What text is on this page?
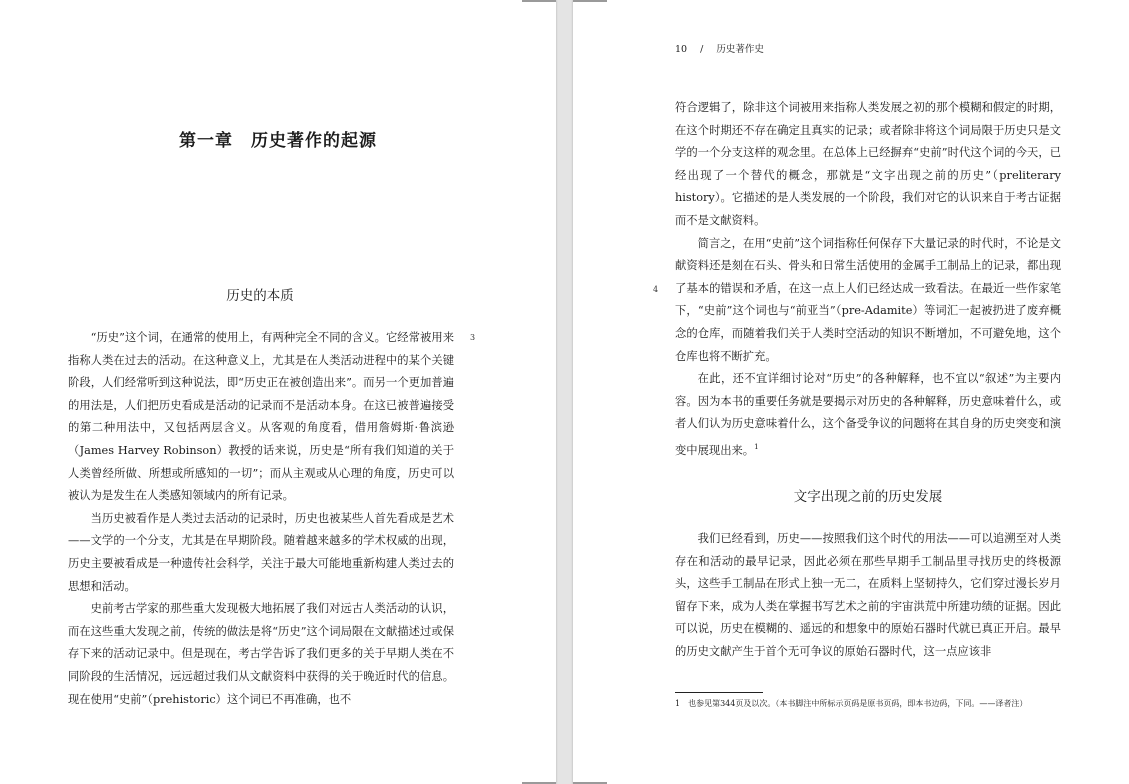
第一章　历史著作的起源
历史的本质
3

“历史”这个词，在通常的使用上，有两种完全不同的含义。它经常被用来指称人类在过去的活动。在这种意义上，尤其是在人类活动进程中的某个关键阶段，人们经常听到这种说法，即“历史正在被创造出来”。而另一个更加普遍的用法是，人们把历史看成是活动的记录而不是活动本身。在这已被普遍接受的第二种用法中，又包括两层含义。从客观的角度看，借用詹姆斯·鲁滨逊（James Harvey Robinson）教授的话来说，历史是“所有我们知道的关于人类曾经所做、所想或所感知的一切”；而从主观或从心理的角度，历史可以被认为是发生在人类感知领域内的所有记录。

当历史被看作是人类过去活动的记录时，历史也被某些人首先看成是艺术——文学的一个分支，尤其是在早期阶段。随着越来越多的学术权威的出现，历史主要被看成是一种遗传社会科学，关注于最大可能地重新构建人类过去的思想和活动。

史前考古学家的那些重大发现极大地拓展了我们对远古人类活动的认识，而在这些重大发现之前，传统的做法是将“历史”这个词局限在文献描述过或保存下来的活动记录中。但是现在，考古学告诉了我们更多的关于早期人类在不同阶段的生活情况，远远超过我们从文献资料中获得的关于晚近时代的信息。现在使用“史前”（prehistoric）这个词已不再准确，也不

10 / 历史著作史
4

符合逻辑了，除非这个词被用来指称人类发展之初的那个模糊和假定的时期，在这个时期还不存在确定且真实的记录；或者除非将这个词局限于历史只是文学的一个分支这样的观念里。在总体上已经摒弃“史前”时代这个词的今天，已经出现了一个替代的概念，那就是“文字出现之前的历史”（preliterary history）。它描述的是人类发展的一个阶段，我们对它的认识来自于考古证据而不是文献资料。

简言之，在用“史前”这个词指称任何保存下大量记录的时代时，不论是文献资料还是刻在石头、骨头和日常生活使用的金属手工制品上的记录，都出现了基本的错误和矛盾，在这一点上人们已经达成一致看法。在最近一些作家笔下，“史前”这个词也与“前亚当”（pre-Adamite）等词汇一起被扔进了废弃概念的仓库，而随着我们关于人类时空活动的知识不断增加，不可避免地，这个仓库也将不断扩充。

在此，还不宜详细讨论对“历史”的各种解释，也不宜以“叙述”为主要内容。因为本书的重要任务就是要揭示对历史的各种解释，历史意味着什么，或者人们认为历史意味着什么，这个备受争议的问题将在其自身的历史突变和演变中展现出来。$^1$

文字出现之前的历史发展

我们已经看到，历史——按照我们这个时代的用法——可以追溯至对人类存在和活动的最早记录，因此必须在那些早期手工制品里寻找历史的终极源头，这些手工制品在形式上独一无二，在质料上坚韧持久，它们穿过漫长岁月留存下来，成为人类在掌握书写艺术之前的宇宙洪荒中所建功绩的证据。因此可以说，历史在模糊的、遥远的和想象中的原始石器时代就已真正开启。最早的历史文献产生于首个无可争议的原始石器时代，这一点应该非

1　也参见第344页及以次。（本书脚注中所标示页码是原书页码，即本书边码，下同。——译者注）
